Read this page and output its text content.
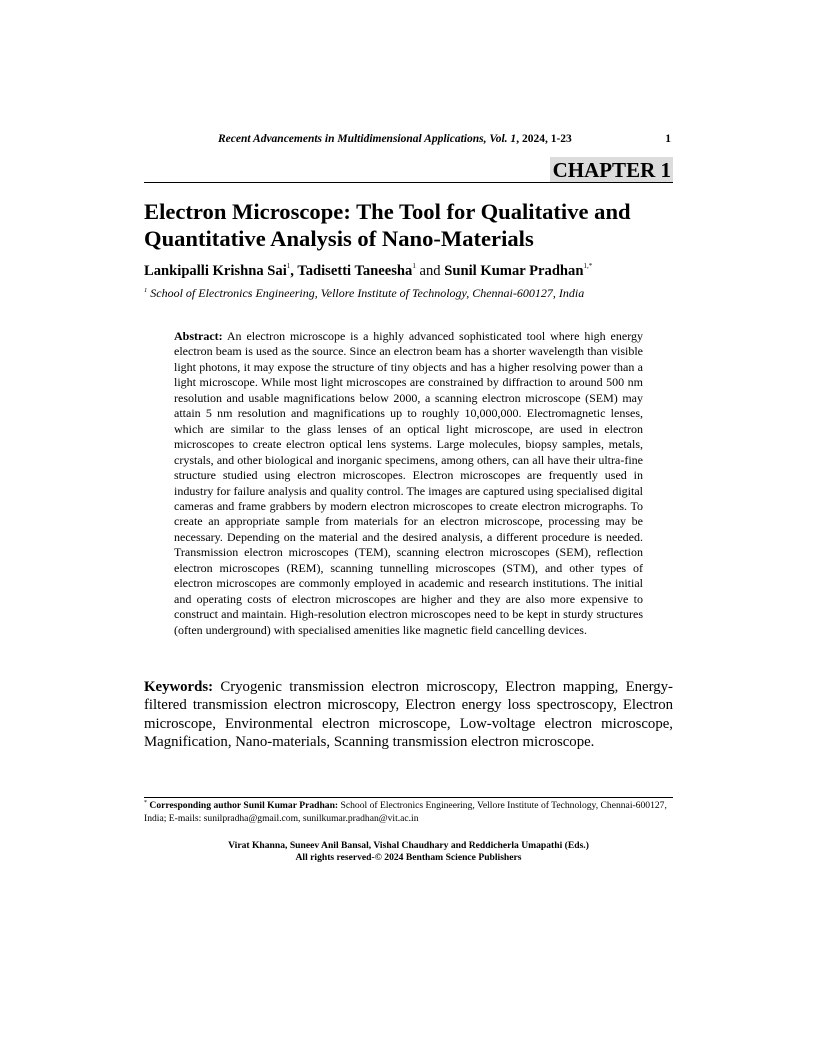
Recent Advancements in Multidimensional Applications, Vol. 1, 2024, 1-23	1
CHAPTER 1
Electron Microscope: The Tool for Qualitative and
Quantitative Analysis of Nano-Materials
Lankipalli Krishna Sai$^1$, Tadisetti Taneesha$^1$ and Sunil Kumar Pradhan$^{1,*}$
$^1$ School of Electronics Engineering, Vellore Institute of Technology, Chennai-600127, India

Abstract: An electron microscope is a highly advanced sophisticated tool where high energy electron beam is used as the source. Since an electron beam has a shorter wavelength than visible light photons, it may expose the structure of tiny objects and has a higher resolving power than a light microscope. While most light microscopes are constrained by diffraction to around 500 nm resolution and usable magnifications below 2000, a scanning electron microscope (SEM) may attain 5 nm resolution and magnifications up to roughly 10,000,000. Electromagnetic lenses, which are similar to the glass lenses of an optical light microscope, are used in electron microscopes to create electron optical lens systems. Large molecules, biopsy samples, metals, crystals, and other biological and inorganic specimens, among others, can all have their ultra-fine structure studied using electron microscopes. Electron microscopes are frequently used in industry for failure analysis and quality control. The images are captured using specialised digital cameras and frame grabbers by modern electron microscopes to create electron micrographs. To create an appropriate sample from materials for an electron microscope, processing may be necessary. Depending on the material and the desired analysis, a different procedure is needed. Transmission electron microscopes (TEM), scanning electron microscopes (SEM), reflection electron microscopes (REM), scanning tunnelling microscopes (STM), and other types of electron microscopes are commonly employed in academic and research institutions. The initial and operating costs of electron microscopes are higher and they are also more expensive to construct and maintain. High-resolution electron microscopes need to be kept in sturdy structures (often underground) with specialised amenities like magnetic field cancelling devices.

Keywords: Cryogenic transmission electron microscopy, Electron mapping, Energy-filtered transmission electron microscopy, Electron energy loss spectroscopy, Electron microscope, Environmental electron microscope, Low-voltage electron microscope, Magnification, Nano-materials, Scanning transmission electron microscope.

* Corresponding author Sunil Kumar Pradhan: School of Electronics Engineering, Vellore Institute of Technology, Chennai-600127, India; E-mails: sunilpradha@gmail.com, sunilkumar.pradhan@vit.ac.in

Virat Khanna, Suneev Anil Bansal, Vishal Chaudhary and Reddicherla Umapathi (Eds.)
All rights reserved-© 2024 Bentham Science Publishers
